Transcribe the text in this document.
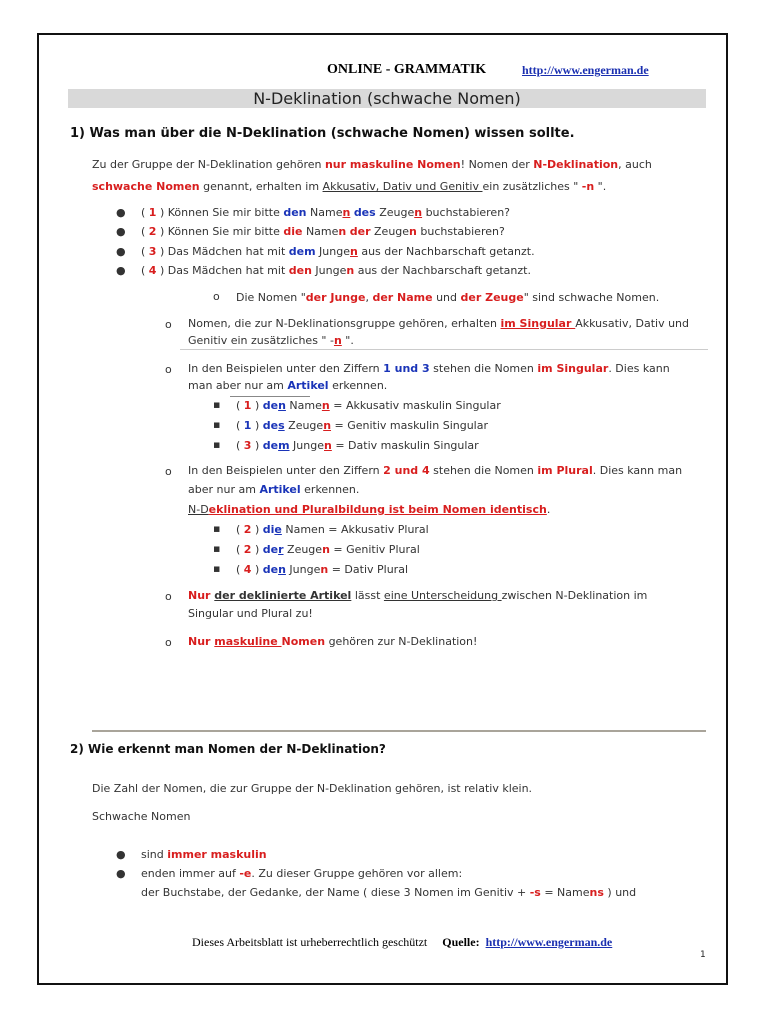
ONLINE - GRAMMATIK	http://www.engerman.de
N-Deklination (schwache Nomen)
1) Was man über die N-Deklination (schwache Nomen) wissen sollte.
Zu der Gruppe der N-Deklination gehören nur maskuline Nomen! Nomen der N-Deklination, auch
schwache Nomen genannt, erhalten im Akkusativ, Dativ und Genitiv ein zusätzliches " -n ".
● ( 1 ) Können Sie mir bitte den Namen des Zeugen buchstabieren?
● ( 2 ) Können Sie mir bitte die Namen der Zeugen buchstabieren?
● ( 3 ) Das Mädchen hat mit dem Jungen aus der Nachbarschaft getanzt.
● ( 4 ) Das Mädchen hat mit den Jungen aus der Nachbarschaft getanzt.
o Die Nomen "der Junge, der Name und der Zeuge" sind schwache Nomen.
o Nomen, die zur N-Deklinationsgruppe gehören, erhalten im Singular Akkusativ, Dativ und
Genitiv ein zusätzliches " -n ".
o In den Beispielen unter den Ziffern 1 und 3 stehen die Nomen im Singular. Dies kann
man aber nur am Artikel erkennen.
▪ ( 1 ) den Namen = Akkusativ maskulin Singular
▪ ( 1 ) des Zeugen = Genitiv maskulin Singular
▪ ( 3 ) dem Jungen = Dativ maskulin Singular
o In den Beispielen unter den Ziffern 2 und 4 stehen die Nomen im Plural. Dies kann man
aber nur am Artikel erkennen.
N-Deklination und Pluralbildung ist beim Nomen identisch.
▪ ( 2 ) die Namen = Akkusativ Plural
▪ ( 2 ) der Zeugen = Genitiv Plural
▪ ( 4 ) den Jungen = Dativ Plural
o Nur der deklinierte Artikel lässt eine Unterscheidung zwischen N-Deklination im
Singular und Plural zu!
o Nur maskuline Nomen gehören zur N-Deklination!
2) Wie erkennt man Nomen der N-Deklination?
Die Zahl der Nomen, die zur Gruppe der N-Deklination gehören, ist relativ klein.
Schwache Nomen
● sind immer maskulin
● enden immer auf -e. Zu dieser Gruppe gehören vor allem:
der Buchstabe, der Gedanke, der Name ( diese 3 Nomen im Genitiv + -s = Namens ) und
Dieses Arbeitsblatt ist urheberrechtlich geschützt Quelle: http://www.engerman.de
1
